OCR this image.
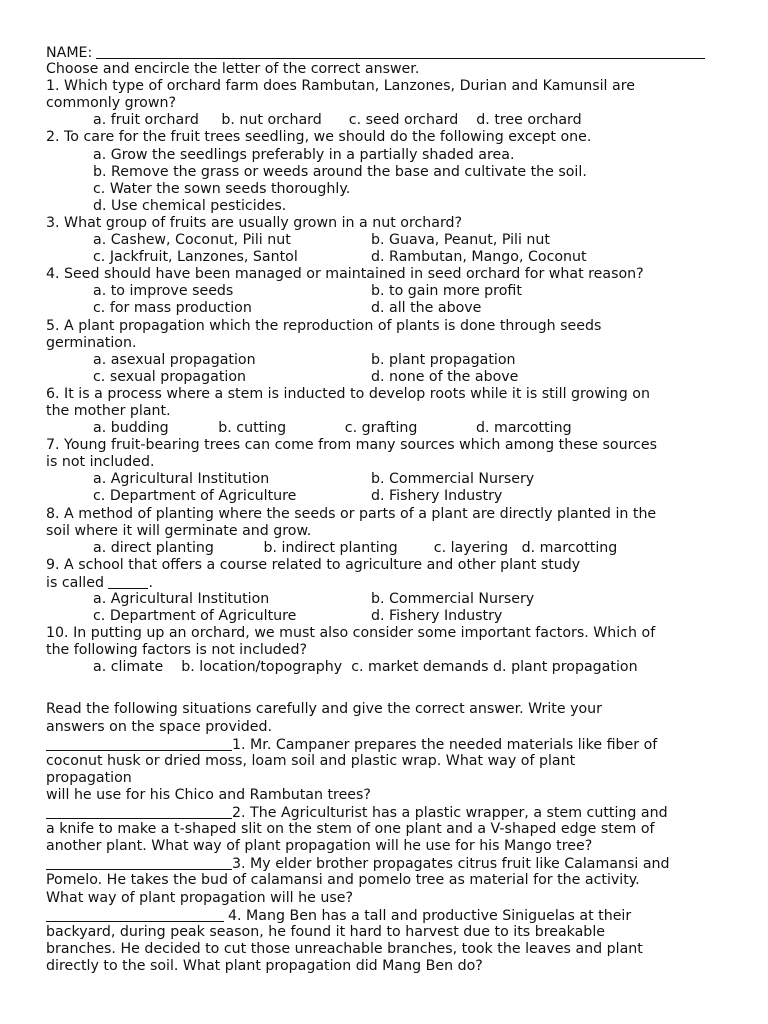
NAME:
Choose and encircle the letter of the correct answer.
1. Which type of orchard farm does Rambutan, Lanzones, Durian and Kamunsil are
commonly grown?
a. fruit orchard     b. nut orchard      c. seed orchard    d. tree orchard
2. To care for the fruit trees seedling, we should do the following except one.
a. Grow the seedlings preferably in a partially shaded area.
b. Remove the grass or weeds around the base and cultivate the soil.
c. Water the sown seeds thoroughly.
d. Use chemical pesticides.
3. What group of fruits are usually grown in a nut orchard?
a. Cashew, Coconut, Pili nut	b. Guava, Peanut, Pili nut
c. Jackfruit, Lanzones, Santol	d. Rambutan, Mango, Coconut
4. Seed should have been managed or maintained in seed orchard for what reason?
a. to improve seeds	b. to gain more profit
c. for mass production	d. all the above
5. A plant propagation which the reproduction of plants is done through seeds
germination.
a. asexual propagation	b. plant propagation
c. sexual propagation	d. none of the above
6. It is a process where a stem is inducted to develop roots while it is still growing on
the mother plant.
a. budding           b. cutting             c. grafting             d. marcotting
7. Young fruit-bearing trees can come from many sources which among these sources
is not included.
a. Agricultural Institution	b. Commercial Nursery
c. Department of Agriculture	d. Fishery Industry
8. A method of planting where the seeds or parts of a plant are directly planted in the
soil where it will germinate and grow.
a. direct planting           b. indirect planting        c. layering   d. marcotting
9. A school that offers a course related to agriculture and other plant study
is called	.
a. Agricultural Institution	b. Commercial Nursery
c. Department of Agriculture	d. Fishery Industry
10. In putting up an orchard, we must also consider some important factors. Which of
the following factors is not included?
a. climate    b. location/topography  c. market demands d. plant propagation
Read the following situations carefully and give the correct answer. Write your
answers on the space provided.
1. Mr. Campaner prepares the needed materials like fiber of
coconut husk or dried moss, loam soil and plastic wrap. What way of plant
propagation
will he use for his Chico and Rambutan trees?
2. The Agriculturist has a plastic wrapper, a stem cutting and
a knife to make a t-shaped slit on the stem of one plant and a V-shaped edge stem of
another plant. What way of plant propagation will he use for his Mango tree?
3. My elder brother propagates citrus fruit like Calamansi and
Pomelo. He takes the bud of calamansi and pomelo tree as material for the activity.
What way of plant propagation will he use?
4. Mang Ben has a tall and productive Siniguelas at their
backyard, during peak season, he found it hard to harvest due to its breakable
branches. He decided to cut those unreachable branches, took the leaves and plant
directly to the soil. What plant propagation did Mang Ben do?
